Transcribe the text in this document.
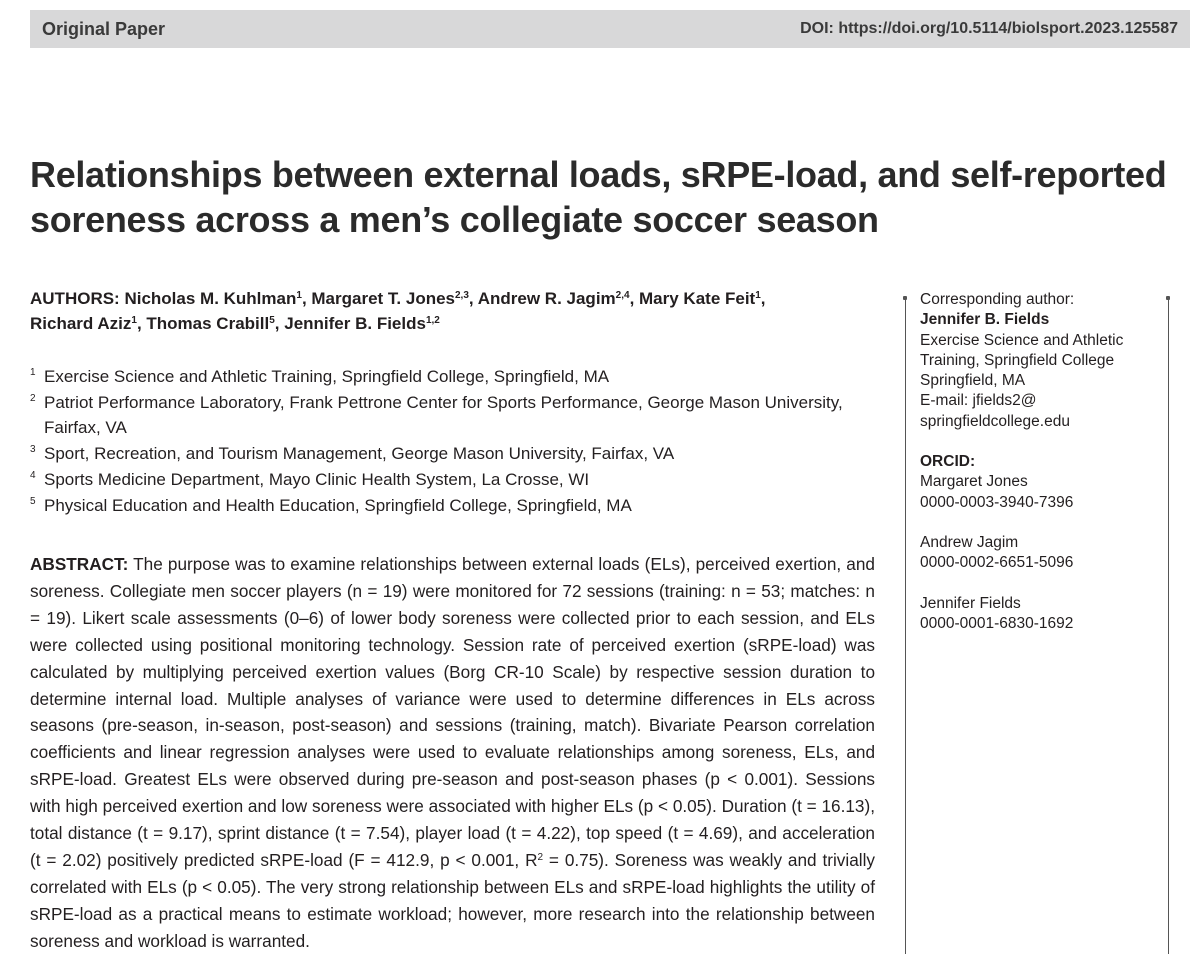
Original Paper	DOI: https://doi.org/10.5114/biolsport.2023.125587
Relationships between external loads, sRPE-load, and self-reported
soreness across a men’s collegiate soccer season
AUTHORS: Nicholas M. Kuhlman$^1$, Margaret T. Jones$^{2,3}$, Andrew R. Jagim$^{2,4}$, Mary Kate Feit$^1$,
Richard Aziz$^1$, Thomas Crabill$^5$, Jennifer B. Fields$^{1,2}$
1 Exercise Science and Athletic Training, Springfield College, Springfield, MA
2 Patriot Performance Laboratory, Frank Pettrone Center for Sports Performance, George Mason University,
Fairfax, VA
3 Sport, Recreation, and Tourism Management, George Mason University, Fairfax, VA
4 Sports Medicine Department, Mayo Clinic Health System, La Crosse, WI
5 Physical Education and Health Education, Springfield College, Springfield, MA
ABSTRACT: The purpose was to examine relationships between external loads (ELs), perceived exertion, and soreness. Collegiate men soccer players (n = 19) were monitored for 72 sessions (training: n = 53; matches: n = 19). Likert scale assessments (0–6) of lower body soreness were collected prior to each session, and ELs were collected using positional monitoring technology. Session rate of perceived exertion (sRPE-load) was calculated by multiplying perceived exertion values (Borg CR-10 Scale) by respective session duration to determine internal load. Multiple analyses of variance were used to determine differences in ELs across seasons (pre-season, in-season, post-season) and sessions (training, match). Bivariate Pearson correlation coefficients and linear regression analyses were used to evaluate relationships among soreness, ELs, and sRPE-load. Greatest ELs were observed during pre-season and post-season phases (p < 0.001). Sessions with high perceived exertion and low soreness were associated with higher ELs (p < 0.05). Duration (t = 16.13), total distance (t = 9.17), sprint distance (t = 7.54), player load (t = 4.22), top speed (t = 4.69), and acceleration (t = 2.02) positively predicted sRPE-load (F = 412.9, p < 0.001, $R^2 = 0.75$). Soreness was weakly and trivially correlated with ELs (p < 0.05). The very strong relationship between ELs and sRPE-load highlights the utility of sRPE-load as a practical means to estimate workload; however, more research into the relationship between soreness and workload is warranted.
Corresponding author:
Jennifer B. Fields
Exercise Science and Athletic
Training, Springfield College
Springfield, MA
E-mail: jfields2@
springfieldcollege.edu
ORCID:
Margaret Jones
0000-0003-3940-7396
Andrew Jagim
0000-0002-6651-5096
Jennifer Fields
0000-0001-6830-1692
